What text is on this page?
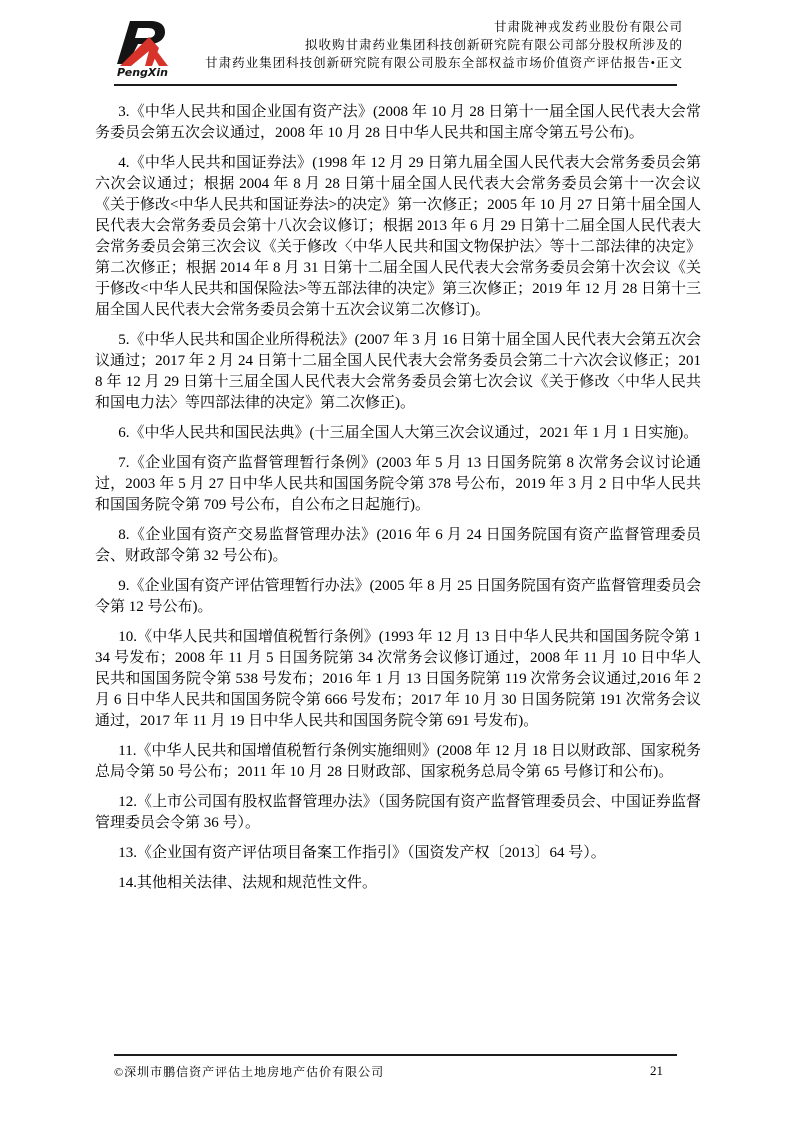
PengXin
甘肃陇神戎发药业股份有限公司
拟收购甘肃药业集团科技创新研究院有限公司部分股权所涉及的
甘肃药业集团科技创新研究院有限公司股东全部权益市场价值资产评估报告•正文

3.《中华人民共和国企业国有资产法》(2008 年 10 月 28 日第十一届全国人民代表大会常务委员会第五次会议通过，2008 年 10 月 28 日中华人民共和国主席令第五号公布)。

4.《中华人民共和国证券法》(1998 年 12 月 29 日第九届全国人民代表大会常务委员会第六次会议通过；根据 2004 年 8 月 28 日第十届全国人民代表大会常务委员会第十一次会议《关于修改<中华人民共和国证券法>的决定》第一次修正；2005 年 10 月 27 日第十届全国人民代表大会常务委员会第十八次会议修订；根据 2013 年 6 月 29 日第十二届全国人民代表大会常务委员会第三次会议《关于修改〈中华人民共和国文物保护法〉等十二部法律的决定》第二次修正；根据 2014 年 8 月 31 日第十二届全国人民代表大会常务委员会第十次会议《关于修改<中华人民共和国保险法>等五部法律的决定》第三次修正；2019 年 12 月 28 日第十三届全国人民代表大会常务委员会第十五次会议第二次修订)。

5.《中华人民共和国企业所得税法》(2007 年 3 月 16 日第十届全国人民代表大会第五次会议通过；2017 年 2 月 24 日第十二届全国人民代表大会常务委员会第二十六次会议修正；2018 年 12 月 29 日第十三届全国人民代表大会常务委员会第七次会议《关于修改〈中华人民共和国电力法〉等四部法律的决定》第二次修正)。

6.《中华人民共和国民法典》(十三届全国人大第三次会议通过，2021 年 1 月 1 日实施)。

7.《企业国有资产监督管理暂行条例》(2003 年 5 月 13 日国务院第 8 次常务会议讨论通过，2003 年 5 月 27 日中华人民共和国国务院令第 378 号公布，2019 年 3 月 2 日中华人民共和国国务院令第 709 号公布，自公布之日起施行)。

8.《企业国有资产交易监督管理办法》(2016 年 6 月 24 日国务院国有资产监督管理委员会、财政部令第 32 号公布)。

9.《企业国有资产评估管理暂行办法》(2005 年 8 月 25 日国务院国有资产监督管理委员会令第 12 号公布)。

10.《中华人民共和国增值税暂行条例》(1993 年 12 月 13 日中华人民共和国国务院令第 134 号发布；2008 年 11 月 5 日国务院第 34 次常务会议修订通过，2008 年 11 月 10 日中华人民共和国国务院令第 538 号发布；2016 年 1 月 13 日国务院第 119 次常务会议通过,2016 年 2 月 6 日中华人民共和国国务院令第 666 号发布；2017 年 10 月 30 日国务院第 191 次常务会议通过，2017 年 11 月 19 日中华人民共和国国务院令第 691 号发布)。

11.《中华人民共和国增值税暂行条例实施细则》(2008 年 12 月 18 日以财政部、国家税务总局令第 50 号公布；2011 年 10 月 28 日财政部、国家税务总局令第 65 号修订和公布)。

12.《上市公司国有股权监督管理办法》（国务院国有资产监督管理委员会、中国证券监督管理委员会令第 36 号）。

13.《企业国有资产评估项目备案工作指引》（国资发产权〔2013〕64 号）。

14.其他相关法律、法规和规范性文件。

©深圳市鹏信资产评估土地房地产估价有限公司	21
